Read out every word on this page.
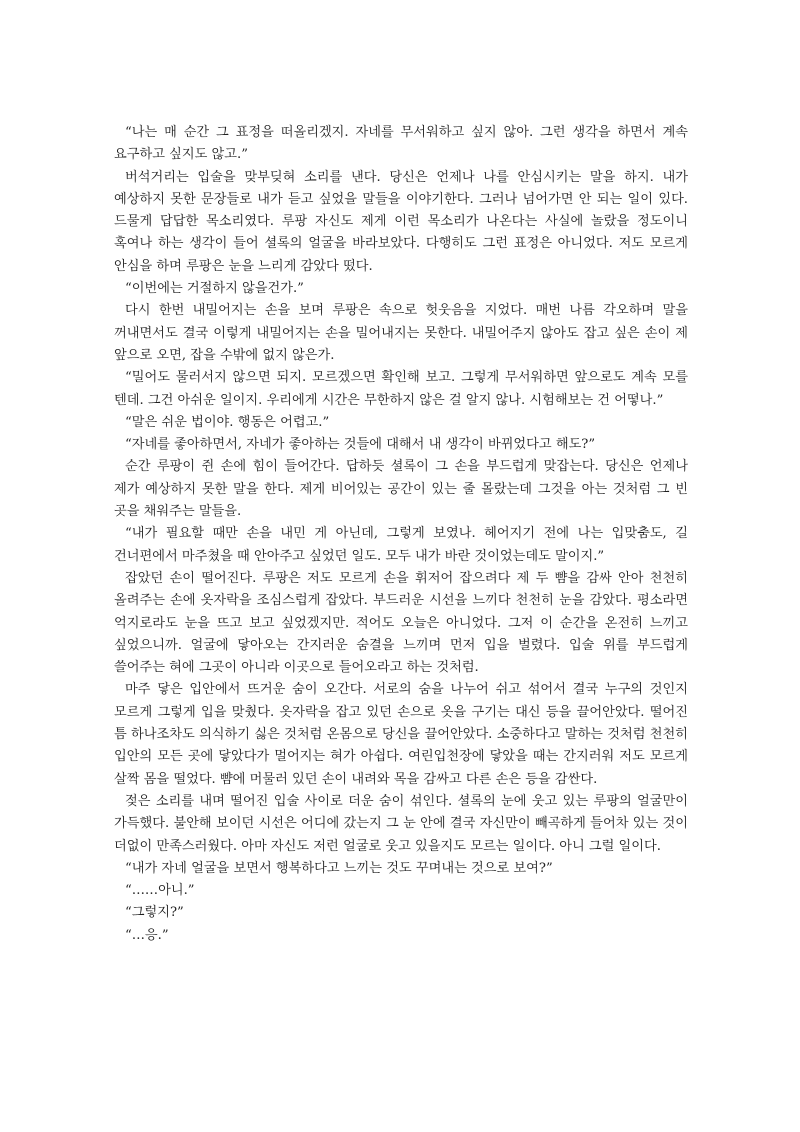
“나는 매 순간 그 표정을 떠올리겠지. 자네를 무서워하고 싶지 않아. 그런 생각을 하면서 계속 요구하고 싶지도 않고.”

버석거리는 입술을 맞부딪혀 소리를 낸다. 당신은 언제나 나를 안심시키는 말을 하지. 내가 예상하지 못한 문장들로 내가 듣고 싶었을 말들을 이야기한다. 그러나 넘어가면 안 되는 일이 있다. 드물게 답답한 목소리였다. 루팡 자신도 제게 이런 목소리가 나온다는 사실에 놀랐을 정도이니 혹여나 하는 생각이 들어 셜록의 얼굴을 바라보았다. 다행히도 그런 표정은 아니었다. 저도 모르게 안심을 하며 루팡은 눈을 느리게 감았다 떴다.

“이번에는 거절하지 않을건가.”

다시 한번 내밀어지는 손을 보며 루팡은 속으로 헛웃음을 지었다. 매번 나름 각오하며 말을 꺼내면서도 결국 이렇게 내밀어지는 손을 밀어내지는 못한다. 내밀어주지 않아도 잡고 싶은 손이 제 앞으로 오면, 잡을 수밖에 없지 않은가.

“밀어도 물러서지 않으면 되지. 모르겠으면 확인해 보고. 그렇게 무서워하면 앞으로도 계속 모를 텐데. 그건 아쉬운 일이지. 우리에게 시간은 무한하지 않은 걸 알지 않나. 시험해보는 건 어떻나.”

“말은 쉬운 법이야. 행동은 어렵고.”

“자네를 좋아하면서, 자네가 좋아하는 것들에 대해서 내 생각이 바뀌었다고 해도?”

순간 루팡이 쥔 손에 힘이 들어간다. 답하듯 셜록이 그 손을 부드럽게 맞잡는다. 당신은 언제나 제가 예상하지 못한 말을 한다. 제게 비어있는 공간이 있는 줄 몰랐는데 그것을 아는 것처럼 그 빈 곳을 채워주는 말들을.

“내가 필요할 때만 손을 내민 게 아닌데, 그렇게 보였나. 헤어지기 전에 나는 입맞춤도, 길 건너편에서 마주쳤을 때 안아주고 싶었던 일도. 모두 내가 바란 것이었는데도 말이지.”

잡았던 손이 떨어진다. 루팡은 저도 모르게 손을 휘저어 잡으려다 제 두 뺨을 감싸 안아 천천히 올려주는 손에 옷자락을 조심스럽게 잡았다. 부드러운 시선을 느끼다 천천히 눈을 감았다. 평소라면 억지로라도 눈을 뜨고 보고 싶었겠지만. 적어도 오늘은 아니었다. 그저 이 순간을 온전히 느끼고 싶었으니까. 얼굴에 닿아오는 간지러운 숨결을 느끼며 먼저 입을 벌렸다. 입술 위를 부드럽게 쓸어주는 혀에 그곳이 아니라 이곳으로 들어오라고 하는 것처럼.

마주 닿은 입안에서 뜨거운 숨이 오간다. 서로의 숨을 나누어 쉬고 섞어서 결국 누구의 것인지 모르게 그렇게 입을 맞췄다. 옷자락을 잡고 있던 손으로 옷을 구기는 대신 등을 끌어안았다. 떨어진 틈 하나조차도 의식하기 싫은 것처럼 온몸으로 당신을 끌어안았다. 소중하다고 말하는 것처럼 천천히 입안의 모든 곳에 닿았다가 멀어지는 혀가 아쉽다. 여린입천장에 닿았을 때는 간지러워 저도 모르게 살짝 몸을 떨었다. 뺨에 머물러 있던 손이 내려와 목을 감싸고 다른 손은 등을 감싼다.

젖은 소리를 내며 떨어진 입술 사이로 더운 숨이 섞인다. 셜록의 눈에 웃고 있는 루팡의 얼굴만이 가득했다. 불안해 보이던 시선은 어디에 갔는지 그 눈 안에 결국 자신만이 빼곡하게 들어차 있는 것이 더없이 만족스러웠다. 아마 자신도 저런 얼굴로 웃고 있을지도 모르는 일이다. 아니 그럴 일이다.

“내가 자네 얼굴을 보면서 행복하다고 느끼는 것도 꾸며내는 것으로 보여?”

“……아니.”

“그렇지?”

“…응.”
